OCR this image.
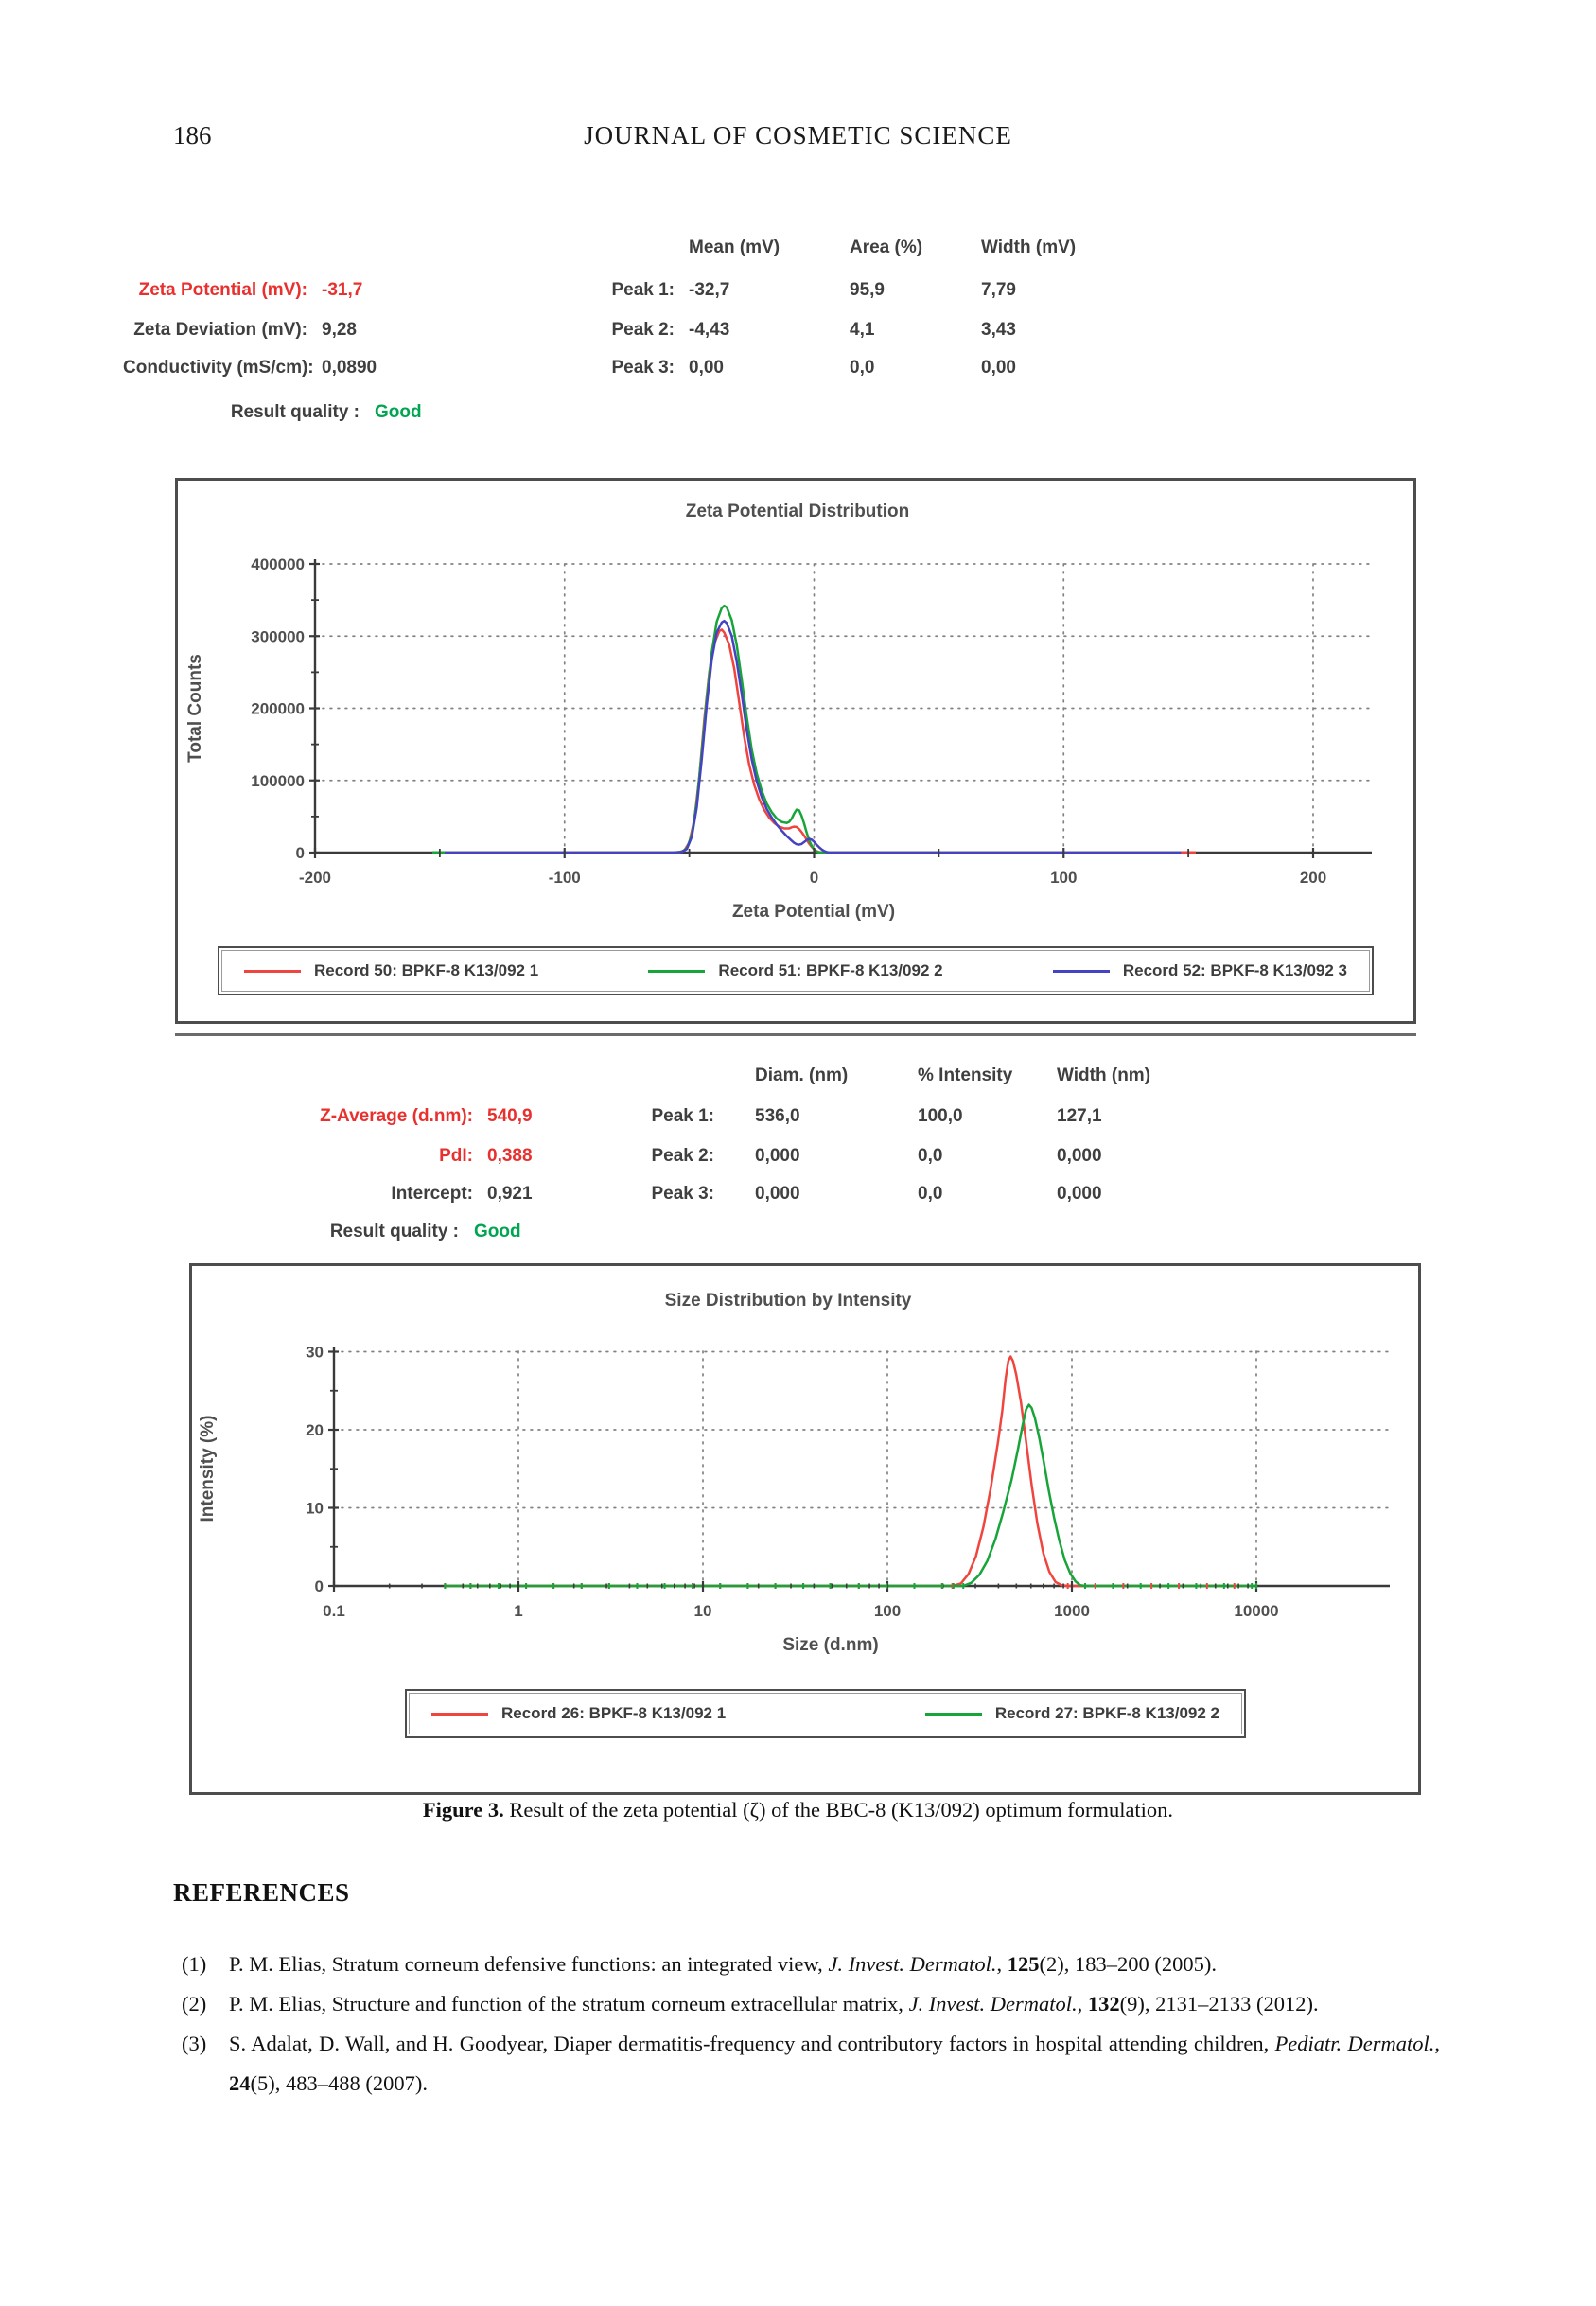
186	JOURNAL OF COSMETIC SCIENCE
Mean (mV)	Area (%)	Width (mV)
Zeta Potential (mV): -31,7	Peak 1: -32,7	95,9	7,79
Zeta Deviation (mV): 9,28	Peak 2: -4,43	4,1	3,43
Conductivity (mS/cm): 0,0890	Peak 3: 0,00	0,0	0,00
Result quality : Good
-200	-100	0	100	200
0
100000
200000
300000
400000
Zeta Potential Distribution
Zeta Potential (mV)
Total Counts
Record 50: BPKF-8 K13/092 1	Record 51: BPKF-8 K13/092 2	Record 52: BPKF-8 K13/092 3
Diam. (nm)	% Intensity Width (nm)
Z-Average (d.nm): 540,9	Peak 1: 536,0	100,0	127,1
PdI: 0,388	Peak 2: 0,000	0,0	0,000
Intercept: 0,921	Peak 3: 0,000	0,0	0,000
Result quality : Good
0.1	1	10	100	1000	10000
0
10
20
30
Size Distribution by Intensity
Size (d.nm)
Intensity (%)
Record 26: BPKF-8 K13/092 1	Record 27: BPKF-8 K13/092 2
Figure 3. Result of the zeta potential (ζ) of the BBC-8 (K13/092) optimum formulation.
REFERENCES
(1)	P. M. Elias, Stratum corneum defensive functions: an integrated view, J. Invest. Dermatol., 125(2), 183–200 (2005).
(2)	P. M. Elias, Structure and function of the stratum corneum extracellular matrix, J. Invest. Dermatol., 132(9), 2131–2133 (2012).
(3)	S. Adalat, D. Wall, and H. Goodyear, Diaper dermatitis-frequency and contributory factors in hospital attending children, Pediatr. Dermatol., 24(5), 483–488 (2007).
